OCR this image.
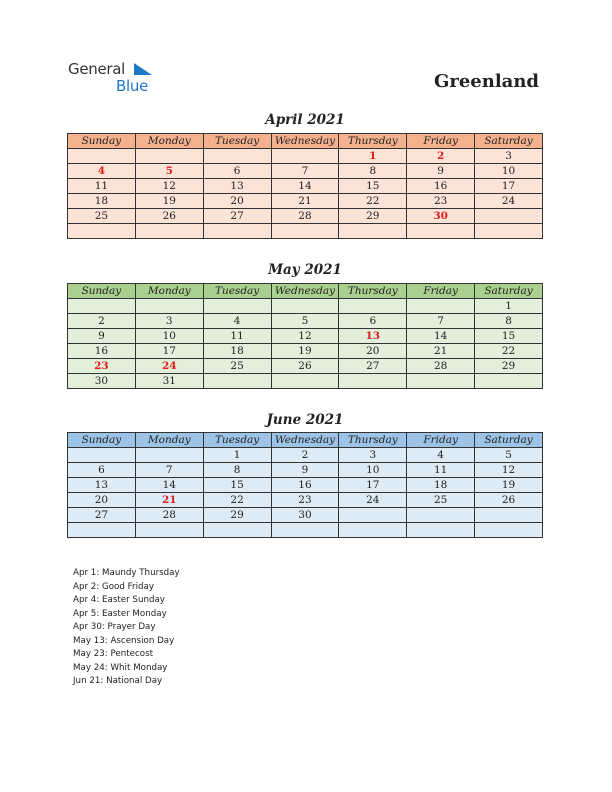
General
Blue	Greenland
April 2021
Sunday	Monday	Tuesday	Wednesday	Thursday	Friday	Saturday
				1	2	3
4	5	6	7	8	9	10
11	12	13	14	15	16	17
18	19	20	21	22	23	24
25	26	27	28	29	30	

May 2021
Sunday	Monday	Tuesday	Wednesday	Thursday	Friday	Saturday
						1
2	3	4	5	6	7	8
9	10	11	12	13	14	15
16	17	18	19	20	21	22
23	24	25	26	27	28	29
30	31					
June 2021
Sunday	Monday	Tuesday	Wednesday	Thursday	Friday	Saturday
		1	2	3	4	5
6	7	8	9	10	11	12
13	14	15	16	17	18	19
20	21	22	23	24	25	26
27	28	29	30			

Apr 1: Maundy Thursday
Apr 2: Good Friday
Apr 4: Easter Sunday
Apr 5: Easter Monday
Apr 30: Prayer Day
May 13: Ascension Day
May 23: Pentecost
May 24: Whit Monday
Jun 21: National Day
